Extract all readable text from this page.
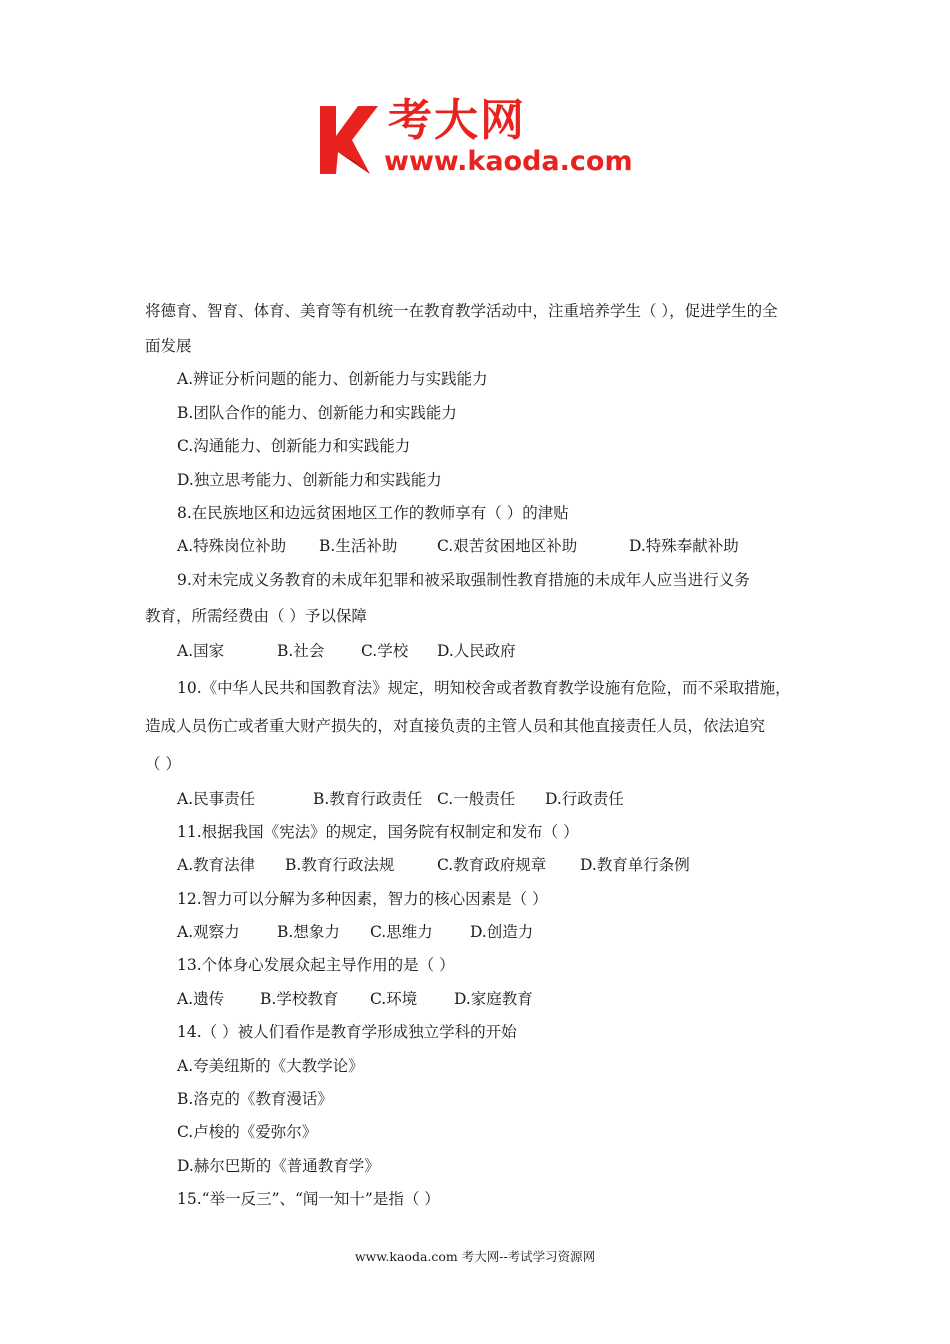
考大网
www.kaoda.com
将德育、智育、体育、美育等有机统一在教育教学活动中，注重培养学生（ ），促进学生的全
面发展
A.辨证分析问题的能力、创新能力与实践能力
B.团队合作的能力、创新能力和实践能力
C.沟通能力、创新能力和实践能力
D.独立思考能力、创新能力和实践能力
8.在民族地区和边远贫困地区工作的教师享有（ ）的津贴
A.特殊岗位补助 B.生活补助	C.艰苦贫困地区补助	D.特殊奉献补助
9.对未完成义务教育的未成年犯罪和被采取强制性教育措施的未成年人应当进行义务
教育，所需经费由（ ）予以保障
A.国家	B.社会 C.学校 D.人民政府
10.《中华人民共和国教育法》规定，明知校舍或者教育教学设施有危险，而不采取措施，
造成人员伤亡或者重大财产损失的，对直接负责的主管人员和其他直接责任人员，依法追究
（ ）
A.民事责任	B.教育行政责任 C.一般责任 D.行政责任
11.根据我国《宪法》的规定，国务院有权制定和发布（ ）
A.教育法律 B.教育行政法规	C.教育政府规章 D.教育单行条例
12.智力可以分解为多种因素，智力的核心因素是（ ）
A.观察力 B.想象力 C.思维力 D.创造力
13.个体身心发展众起主导作用的是（ ）
A.遗传 B.学校教育 C.环境 D.家庭教育
14.（ ）被人们看作是教育学形成独立学科的开始
A.夸美纽斯的《大教学论》
B.洛克的《教育漫话》
C.卢梭的《爱弥尔》
D.赫尔巴斯的《普通教育学》
15.“举一反三”、“闻一知十”是指（ ）
www.kaoda.com 考大网--考试学习资源网
